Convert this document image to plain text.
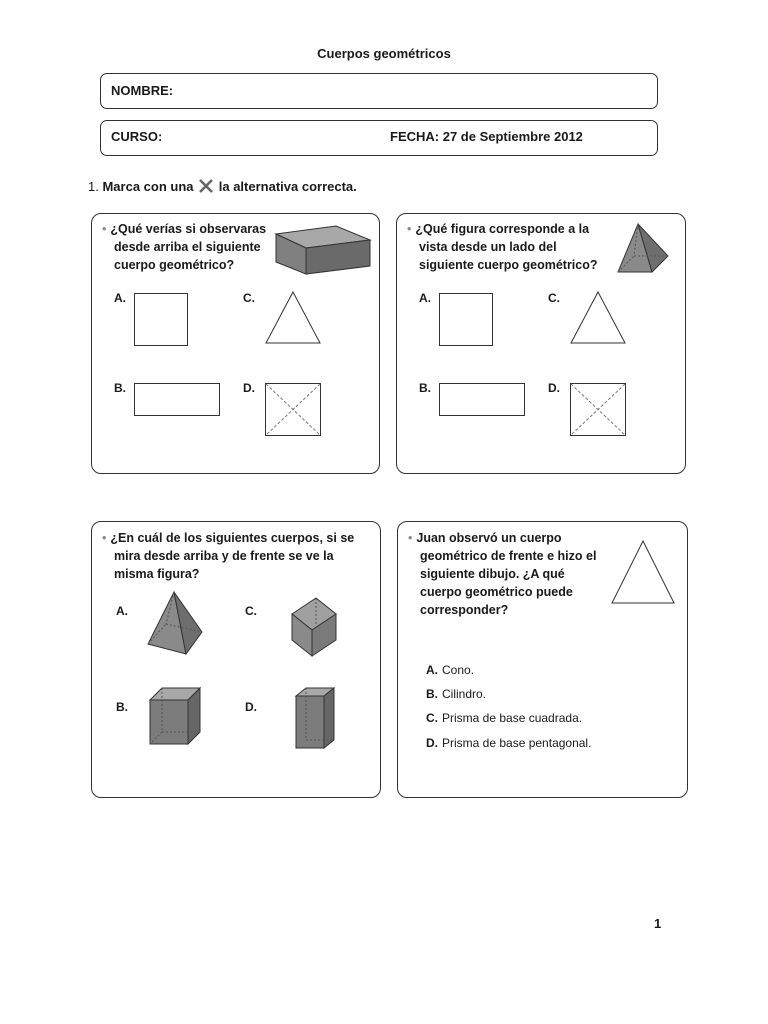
Cuerpos geométricos
NOMBRE:
CURSO:	FECHA: 27 de Septiembre 2012
1. Marca con una la alternativa correcta.
• ¿Qué verías si observaras
desde arriba el siguiente
cuerpo geométrico?
A.
B.
C.
D.
• ¿Qué figura corresponde a la
vista desde un lado del
siguiente cuerpo geométrico?
A.
B.
C.
D.
• ¿En cuál de los siguientes cuerpos, si se
mira desde arriba y de frente se ve la
misma figura?
A.
B.
C.
D.
• Juan observó un cuerpo
geométrico de frente e hizo el
siguiente dibujo. ¿A qué
cuerpo geométrico puede
corresponder?
A. Cono.
B. Cilindro.
C. Prisma de base cuadrada.
D. Prisma de base pentagonal.
1
